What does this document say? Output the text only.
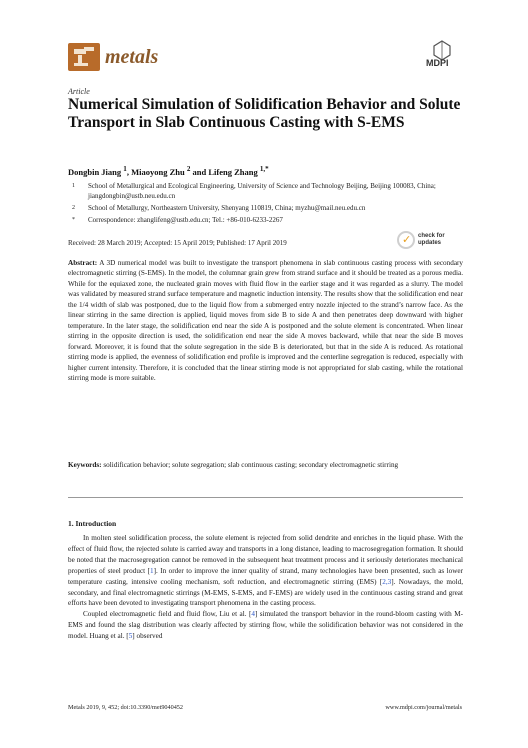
metals	MDPI
Article
Numerical Simulation of Solidification Behavior and Solute Transport in Slab Continuous Casting with S-EMS
Dongbin Jiang $^1$, Miaoyong Zhu $^2$ and Lifeng Zhang $^{1,*}$
1 School of Metallurgical and Ecological Engineering, University of Science and Technology Beijing, Beijing 100083, China; jiangdongbin@ustb.neu.edu.cn
2 School of Metallurgy, Northeastern University, Shenyang 110819, China; myzhu@mail.neu.edu.cn
* Correspondence: zhanglifeng@ustb.edu.cn; Tel.: +86-010-6233-2267
Received: 28 March 2019; Accepted: 15 April 2019; Published: 17 April 2019	✓ check for
updates
Abstract: A 3D numerical model was built to investigate the transport phenomena in slab continuous casting process with secondary electromagnetic stirring (S-EMS). In the model, the columnar grain grew from strand surface and it should be treated as a porous media. While for the equiaxed zone, the nucleated grain moves with fluid flow in the earlier stage and it was regarded as a slurry. The model was validated by measured strand surface temperature and magnetic induction intensity. The results show that the solidification end near the 1/4 width of slab was postponed, due to the liquid flow from a submerged entry nozzle injected to the strand’s narrow face. As the linear stirring in the same direction is applied, liquid moves from side B to side A and then penetrates deep downward with higher temperature. In the later stage, the solidification end near the side A is postponed and the solute element is concentrated. When linear stirring in the opposite direction is used, the solidification end near the side A moves backward, while that near the side B moves forward. Moreover, it is found that the solute segregation in the side B is deteriorated, but that in the side A is reduced. As rotational stirring mode is applied, the evenness of solidification end profile is improved and the centerline segregation is reduced, especially with higher current intensity. Therefore, it is concluded that the linear stirring mode is not appropriated for slab casting, while the rotational stirring mode is more suitable.
Keywords: solidification behavior; solute segregation; slab continuous casting; secondary electromagnetic stirring
1. Introduction

In molten steel solidification process, the solute element is rejected from solid dendrite and enriches in the liquid phase. With the effect of fluid flow, the rejected solute is carried away and transports in a long distance, leading to macrosegregation formation. It should be noted that the macrosegregation cannot be removed in the subsequent heat treatment process and it seriously deteriorates mechanical properties of steel product [1]. In order to improve the inner quality of strand, many technologies have been presented, such as lower temperature casting, intensive cooling mechanism, soft reduction, and electromagnetic stirring (EMS) [2,3]. Nowadays, the mold, secondary, and final electromagnetic stirrings (M-EMS, S-EMS, and F-EMS) are widely used in the continuous casting strand and great efforts have been devoted to investigating transport phenomena in the casting process.

Coupled electromagnetic field and fluid flow, Liu et al. [4] simulated the transport behavior in the round-bloom casting with M-EMS and found the slag distribution was clearly affected by stirring flow, while the solidification behavior was not considered in the model. Huang et al. [5] observed

Metals 2019, 9, 452; doi:10.3390/met9040452	www.mdpi.com/journal/metals
